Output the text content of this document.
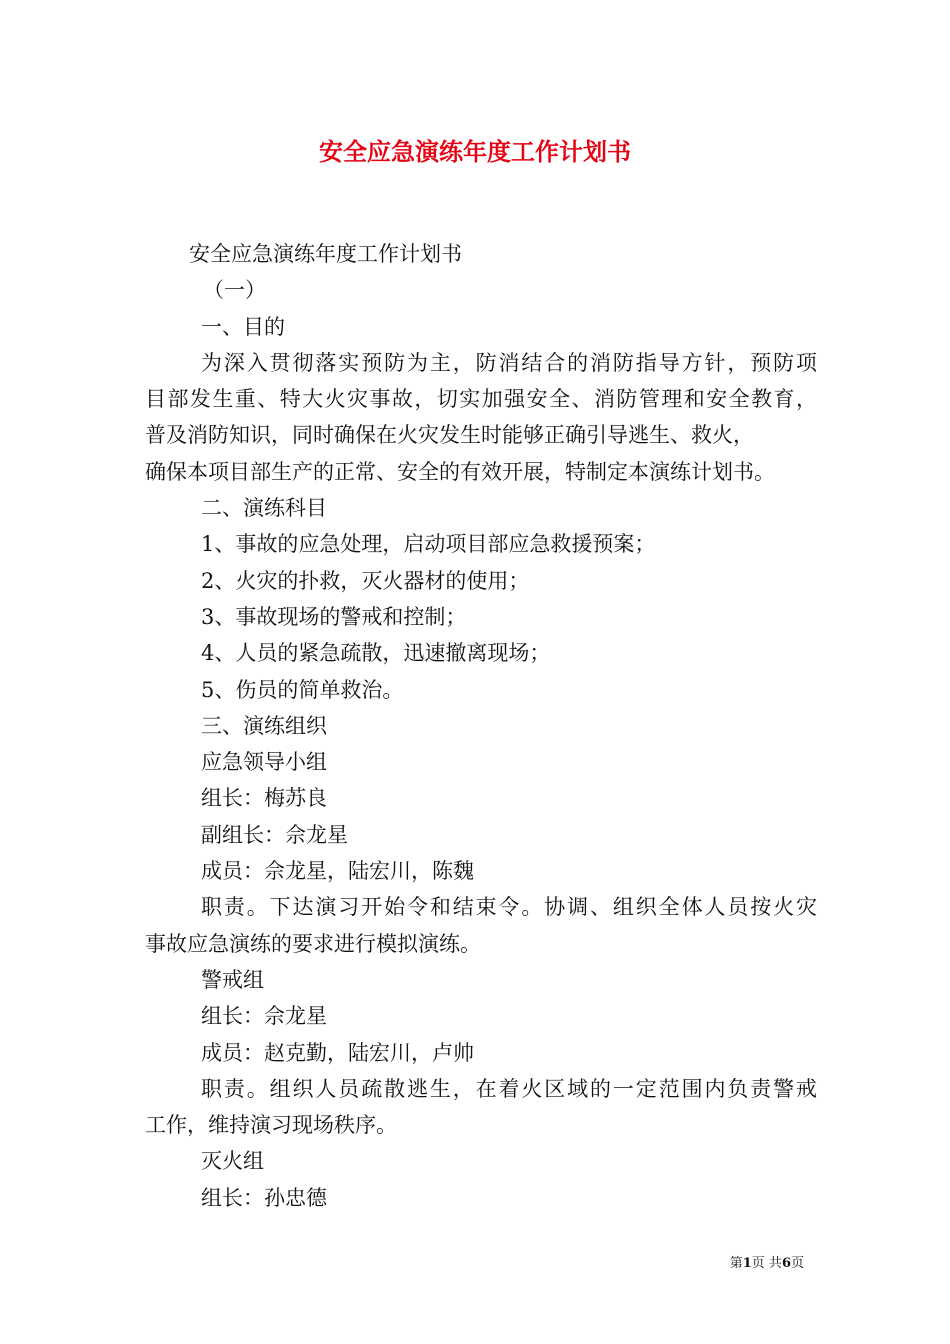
安全应急演练年度工作计划书
安全应急演练年度工作计划书
（一）
一、目的
为深入贯彻落实预防为主，防消结合的消防指导方针，预防项
目部发生重、特大火灾事故，切实加强安全、消防管理和安全教育，
普及消防知识，同时确保在火灾发生时能够正确引导逃生、救火，
确保本项目部生产的正常、安全的有效开展，特制定本演练计划书。
二、演练科目
1、事故的应急处理，启动项目部应急救援预案；
2、火灾的扑救，灭火器材的使用；
3、事故现场的警戒和控制；
4、人员的紧急疏散，迅速撤离现场；
5、伤员的简单救治。
三、演练组织
应急领导小组
组长：梅苏良
副组长：佘龙星
成员：佘龙星，陆宏川，陈魏
职责。下达演习开始令和结束令。协调、组织全体人员按火灾
事故应急演练的要求进行模拟演练。
警戒组
组长：佘龙星
成员：赵克勤，陆宏川，卢帅
职责。组织人员疏散逃生，在着火区域的一定范围内负责警戒
工作，维持演习现场秩序。
灭火组
组长：孙忠德
第1页 共6页
